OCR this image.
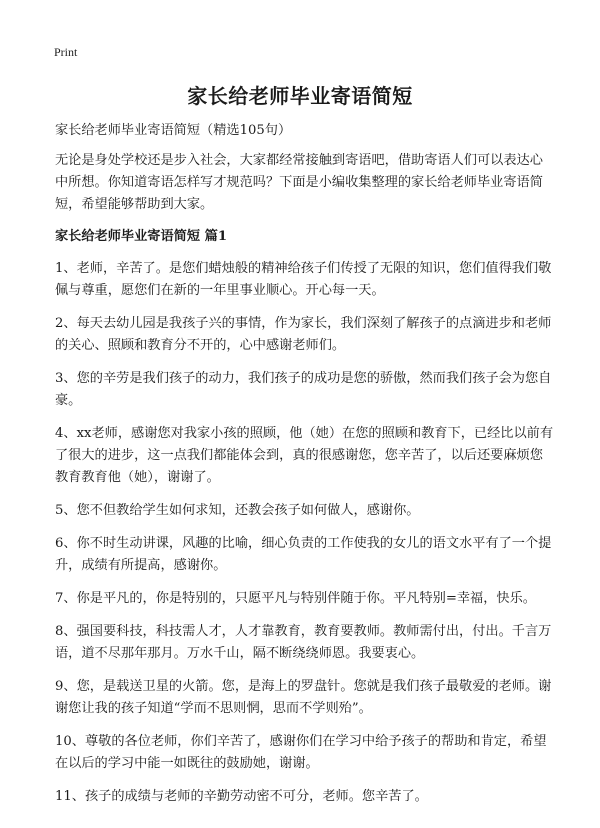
Print
家长给老师毕业寄语简短

家长给老师毕业寄语简短（精选105句）

无论是身处学校还是步入社会，大家都经常接触到寄语吧，借助寄语人们可以表达心中所想。你知道寄语怎样写才规范吗？下面是小编收集整理的家长给老师毕业寄语简短，希望能够帮助到大家。

家长给老师毕业寄语简短 篇1

1、老师，辛苦了。是您们蜡烛般的精神给孩子们传授了无限的知识，您们值得我们敬佩与尊重，愿您们在新的一年里事业顺心。开心每一天。

2、每天去幼儿园是我孩子兴的事情，作为家长，我们深刻了解孩子的点滴进步和老师的关心、照顾和教育分不开的，心中感谢老师们。

3、您的辛劳是我们孩子的动力，我们孩子的成功是您的骄傲，然而我们孩子会为您自豪。

4、xx老师，感谢您对我家小孩的照顾，他（她）在您的照顾和教育下，已经比以前有了很大的进步，这一点我们都能体会到，真的很感谢您，您辛苦了，以后还要麻烦您教育教育他（她），谢谢了。

5、您不但教给学生如何求知，还教会孩子如何做人，感谢你。

6、你不时生动讲课，风趣的比喻，细心负责的工作使我的女儿的语文水平有了一个提升，成绩有所提高，感谢你。

7、你是平凡的，你是特别的，只愿平凡与特别伴随于你。平凡特别=幸福，快乐。

8、强国要科技，科技需人才，人才靠教育，教育要教师。教师需付出，付出。千言万语，道不尽那年那月。万水千山，隔不断绕绕师恩。我要衷心。

9、您，是载送卫星的火箭。您，是海上的罗盘针。您就是我们孩子最敬爱的老师。谢谢您让我的孩子知道“学而不思则惘，思而不学则殆”。

10、尊敬的各位老师，你们辛苦了，感谢你们在学习中给予孩子的帮助和肯定，希望在以后的学习中能一如既往的鼓励她，谢谢。

11、孩子的成绩与老师的辛勤劳动密不可分，老师。您辛苦了。
